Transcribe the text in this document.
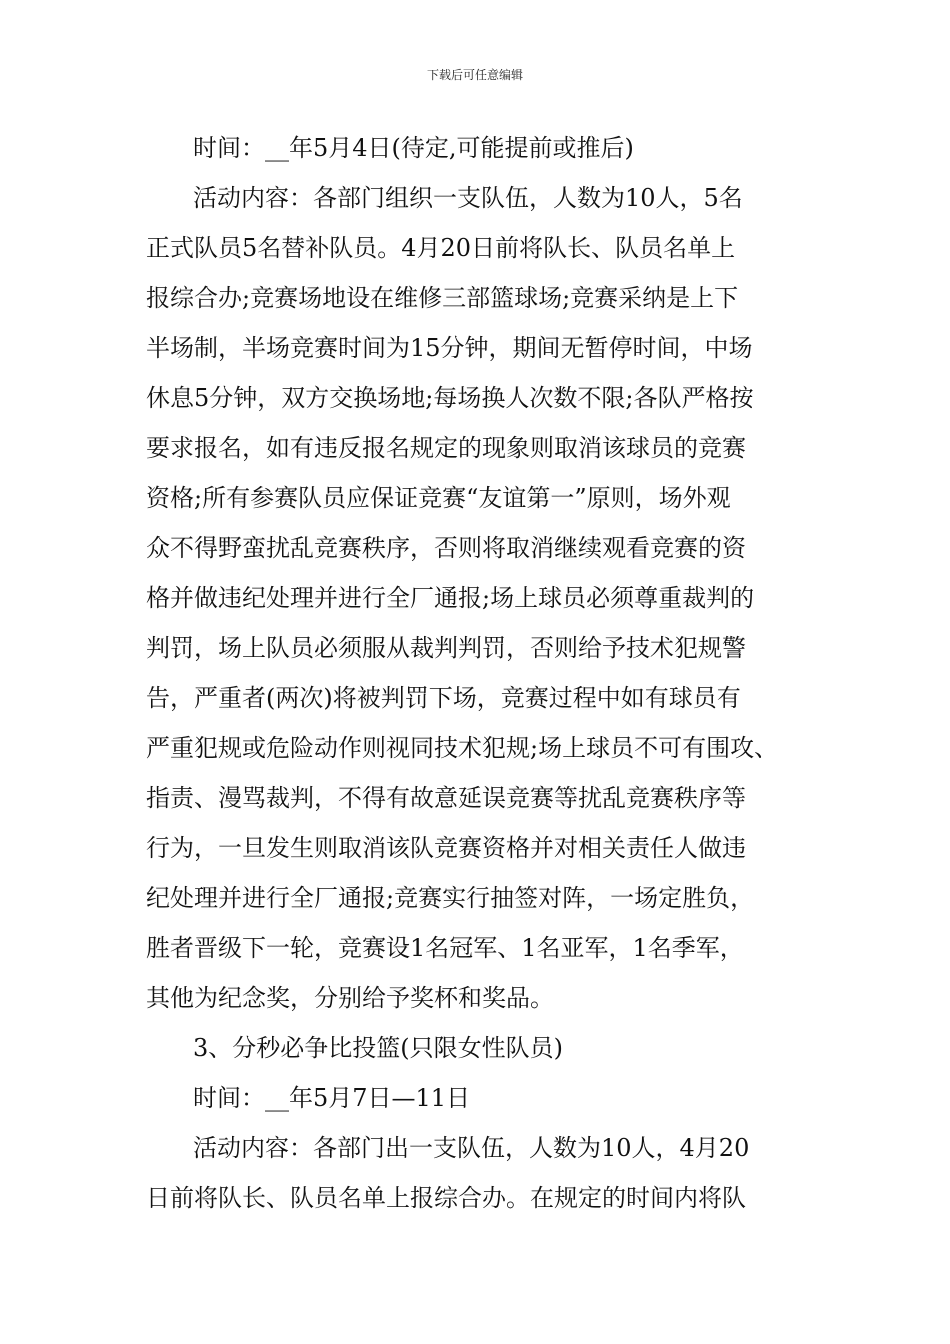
下载后可任意编辑
时间：__年5月4日(待定,可能提前或推后)
活动内容：各部门组织一支队伍，人数为10人，5名
正式队员5名替补队员。4月20日前将队长、队员名单上
报综合办;竞赛场地设在维修三部篮球场;竞赛采纳是上下
半场制，半场竞赛时间为15分钟，期间无暂停时间，中场
休息5分钟，双方交换场地;每场换人次数不限;各队严格按
要求报名，如有违反报名规定的现象则取消该球员的竞赛
资格;所有参赛队员应保证竞赛“友谊第一”原则，场外观
众不得野蛮扰乱竞赛秩序，否则将取消继续观看竞赛的资
格并做违纪处理并进行全厂通报;场上球员必须尊重裁判的
判罚，场上队员必须服从裁判判罚，否则给予技术犯规警
告，严重者(两次)将被判罚下场，竞赛过程中如有球员有
严重犯规或危险动作则视同技术犯规;场上球员不可有围攻、
指责、漫骂裁判，不得有故意延误竞赛等扰乱竞赛秩序等
行为，一旦发生则取消该队竞赛资格并对相关责任人做违
纪处理并进行全厂通报;竞赛实行抽签对阵，一场定胜负，
胜者晋级下一轮，竞赛设1名冠军、1名亚军，1名季军，
其他为纪念奖，分别给予奖杯和奖品。
3、分秒必争比投篮(只限女性队员)
时间：__年5月7日—11日
活动内容：各部门出一支队伍，人数为10人，4月20
日前将队长、队员名单上报综合办。在规定的时间内将队
